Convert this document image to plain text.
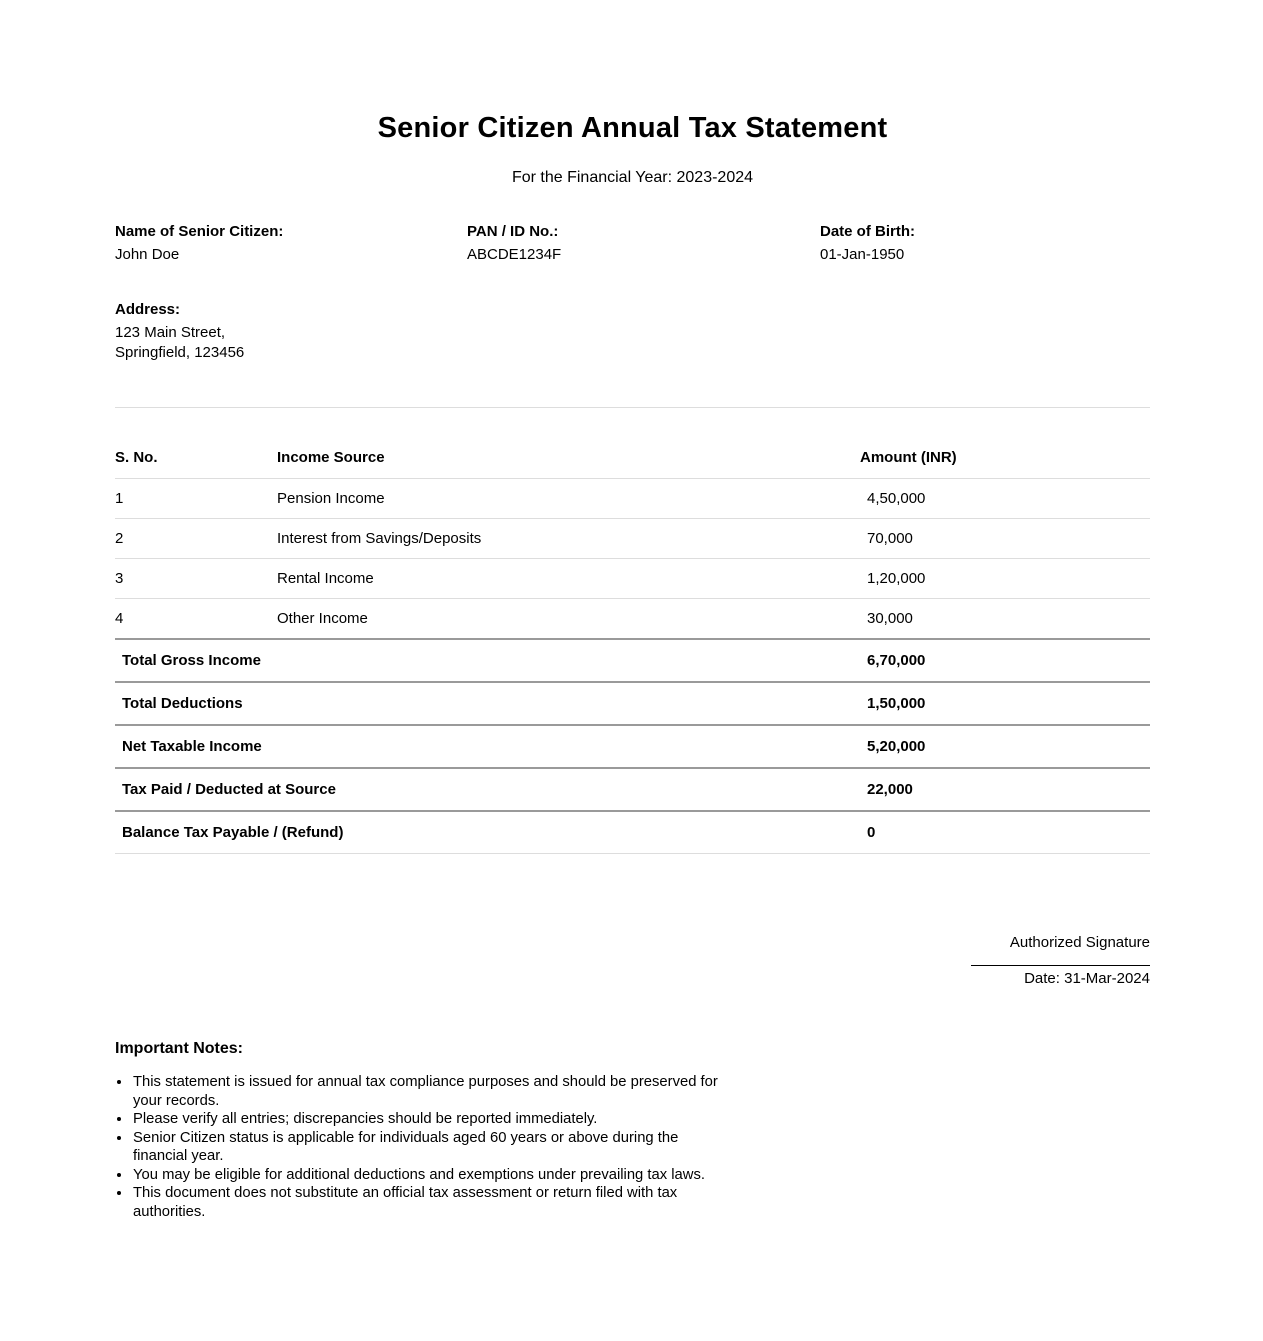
Senior Citizen Annual Tax Statement

For the Financial Year: 2023-2024

Name of Senior Citizen:
John Doe
PAN / ID No.:
ABCDE1234F
Date of Birth:
01-Jan-1950
Address:
123 Main Street,
Springfield, 123456
S. No.	Income Source	Amount (INR)
1	Pension Income	4,50,000
2	Interest from Savings/Deposits	70,000
3	Rental Income	1,20,000
4	Other Income	30,000
Total Gross Income		6,70,000
Total Deductions		1,50,000
Net Taxable Income		5,20,000
Tax Paid / Deducted at Source		22,000
Balance Tax Payable / (Refund)		0
Authorized Signature
Date: 31-Mar-2024
Important Notes:
• This statement is issued for annual tax compliance purposes and should be preserved for your records.
• Please verify all entries; discrepancies should be reported immediately.
• Senior Citizen status is applicable for individuals aged 60 years or above during the financial year.
• You may be eligible for additional deductions and exemptions under prevailing tax laws.
• This document does not substitute an official tax assessment or return filed with tax authorities.
